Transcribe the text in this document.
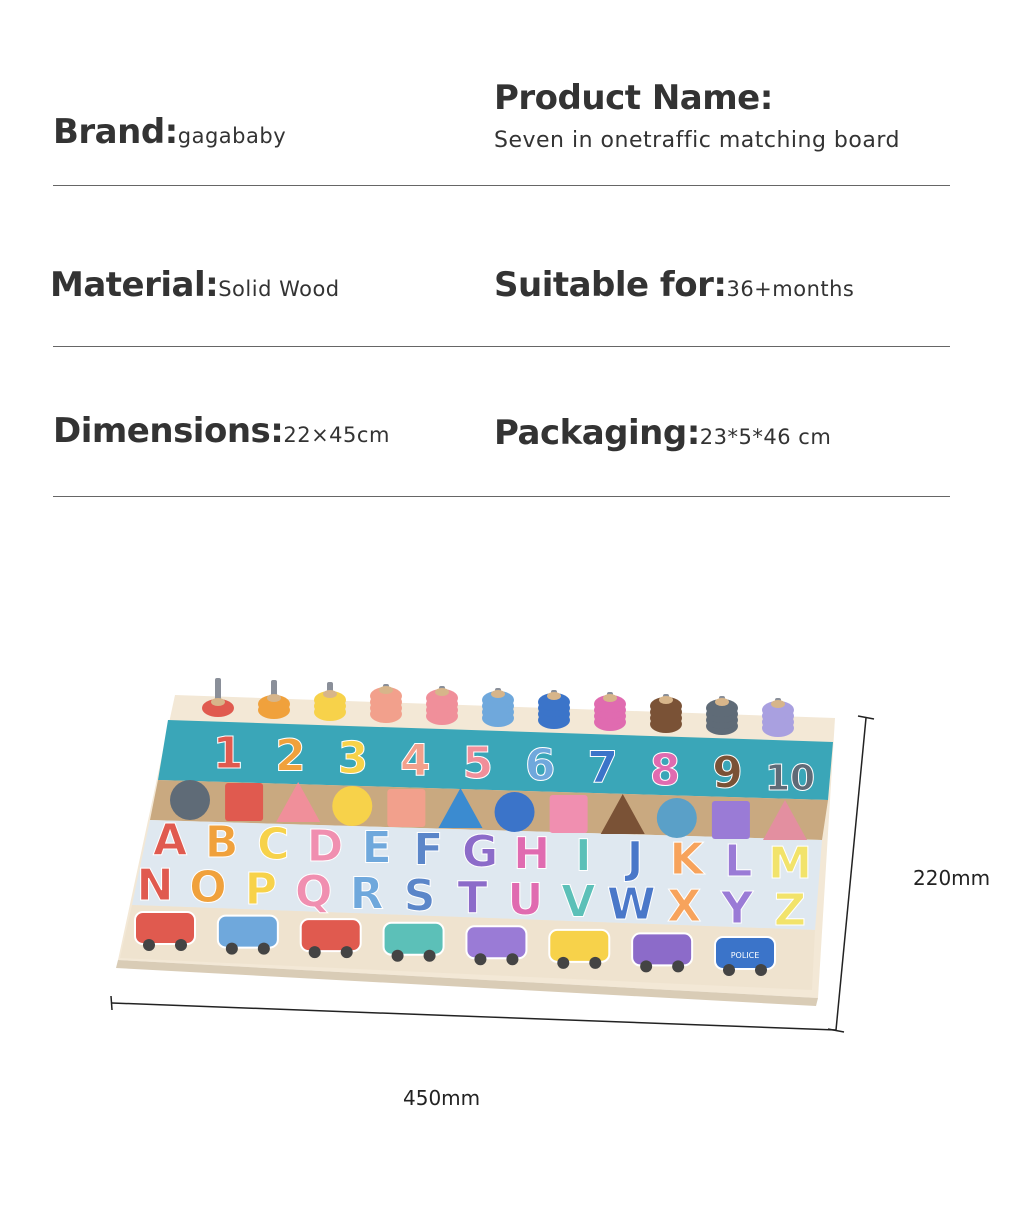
Brand:gagababy
Product Name:
Seven in onetraffic matching board
Material:Solid Wood	Suitable for:36+months
Dimensions:22×45cm	Packaging:23*5*46 cm
1 2 3 4 5 6 7 8 9 10
A B C D E F G H I J K L M
N O P Q R S T U V W X Y Z
POLICE
220mm
450mm
